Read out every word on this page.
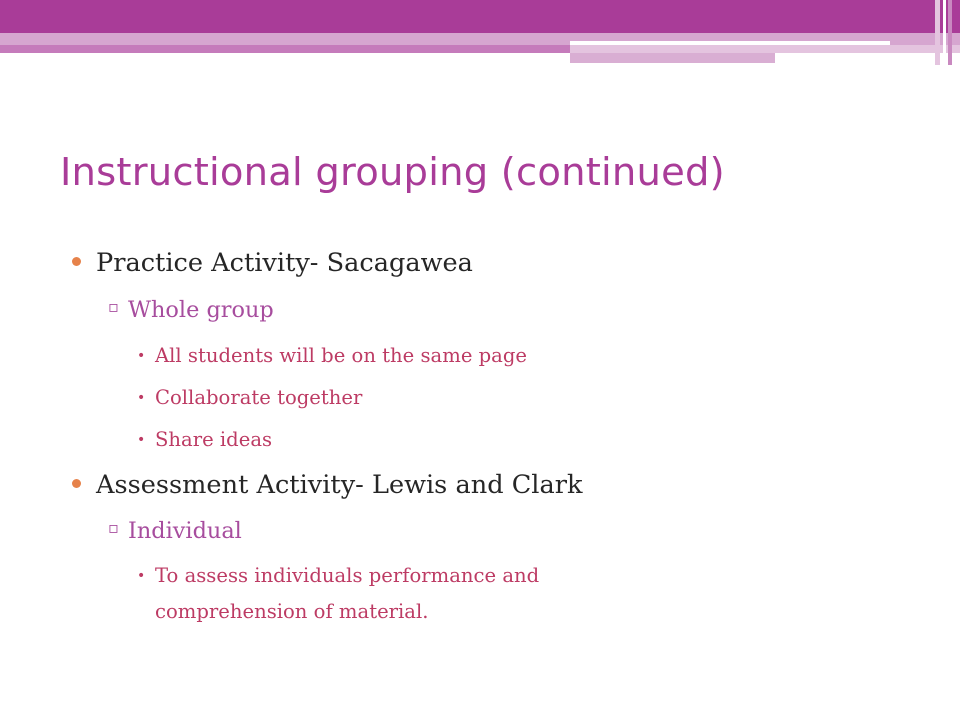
Instructional grouping (continued)
Practice Activity- Sacagawea
▫ Whole group
• All students will be on the same page
• Collaborate together
• Share ideas
Assessment Activity- Lewis and Clark
▫ Individual
• To assess individuals performance and
comprehension of material.
